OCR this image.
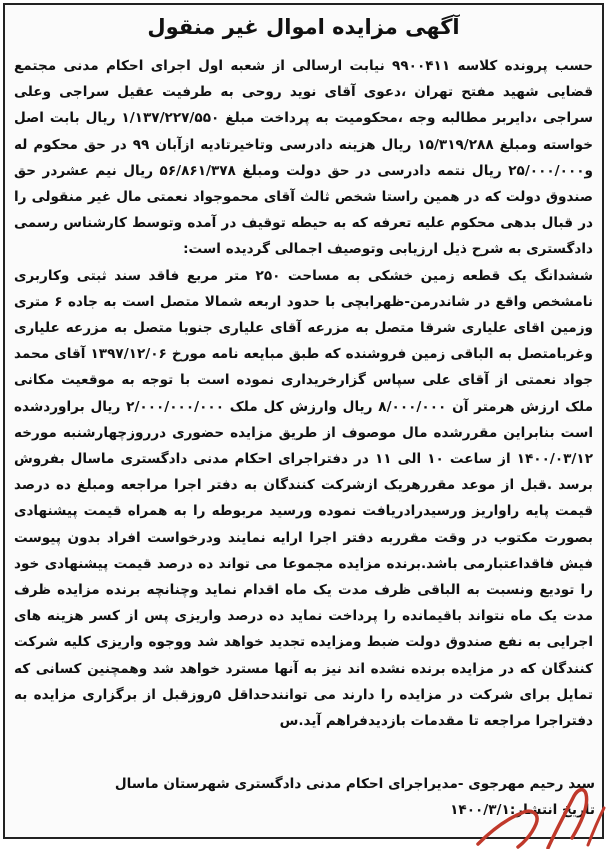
آگهی مزایده اموال غیر منقول

حسب پرونده کلاسه ۹۹۰۰۴۱۱ نیابت ارسالی از شعبه اول اجرای احکام مدنی مجتمع قضایی شهید مفتح تهران ،دعوی آقای نوید روحی به طرفیت عقیل سراجی وعلی سراجی ،دایربر مطالبه وجه ،محکومیت به پرداخت مبلغ ۱/۱۳۷/۲۲۷/۵۵۰ ریال بابت اصل خواسته ومبلغ ۱۵/۳۱۹/۲۸۸ ریال هزینه دادرسی وتاخیرتادیه ازآبان ۹۹ در حق محکوم له و۲۵/۰۰۰/۰۰۰ ریال نتمه دادرسی در حق دولت ومبلغ ۵۶/۸۶۱/۳۷۸ ریال نیم عشردر حق صندوق دولت که در همین راستا شخص ثالث آقای محموجواد نعمتی مال غیر منقولی را در قبال بدهی محکوم علیه تعرفه که به حیطه توقیف در آمده وتوسط کارشناس رسمی دادگستری به شرح ذیل ارزیابی وتوصیف اجمالی گردیده است:

ششدانگ یک قطعه زمین خشکی به مساحت ۲۵۰ متر مربع فاقد سند ثبتی وکاربری نامشخص واقع در شاندرمن-ظهرابچی با حدود اربعه شمالا متصل است به جاده ۶ متری وزمین اقای علیاری شرقا متصل به مزرعه آقای علیاری جنوبا متصل به مزرعه علیاری وغربامتصل به الباقی زمین فروشنده که طبق مبایعه نامه مورخ ۱۳۹۷/۱۲/۰۶ آقای محمد جواد نعمتی از آقای علی سپاس گزارخریداری نموده است با توجه به موقعیت مکانی ملک ارزش هرمتر آن ۸/۰۰۰/۰۰۰ ریال وارزش کل ملک ۲/۰۰۰/۰۰۰/۰۰۰ ریال براوردشده است بنابراین مقررشده مال موصوف از طریق مزایده حضوری درروزچهارشنبه مورخه ۱۴۰۰/۰۳/۱۲ از ساعت ۱۰ الی ۱۱ در دفتراجرای احکام مدنی دادگستری ماسال بفروش برسد .قبل از موعد مقررهریک ازشرکت کنندگان به دفتر اجرا مراجعه ومبلغ ده درصد قیمت پایه راواریز ورسیدرادریافت نموده ورسید مربوطه را به همراه قیمت پیشنهادی بصورت مکتوب در وقت مقرربه دفتر اجرا ارایه نمایند ودرخواست افراد بدون پیوست فیش فاقداعتبارمی باشد.برنده مزایده مجموعا می تواند ده درصد قیمت پیشنهادی خود را تودیع ونسبت به الباقی ظرف مدت یک ماه اقدام نماید وچنانچه برنده مزایده ظرف مدت یک ماه نتواند باقیمانده را پرداخت نماید ده درصد واریزی پس از کسر هزینه های اجرایی به نفع صندوق دولت ضبط ومزایده تجدید خواهد شد ووجوه واریزی کلیه شرکت کنندگان که در مزایده برنده نشده اند نیز به آنها مسترد خواهد شد وهمچنین کسانی که تمایل برای شرکت در مزایده را دارند می توانندحداقل ۵روزقبل از برگزاری مزایده به دفتراجرا مراجعه تا مقدمات بازدیدفراهم آید.س

سید رحیم مهرجوی -مدیراجرای احکام مدنی دادگستری شهرستان ماسال

تاریخ انتشار:۱۴۰۰/۳/۱
